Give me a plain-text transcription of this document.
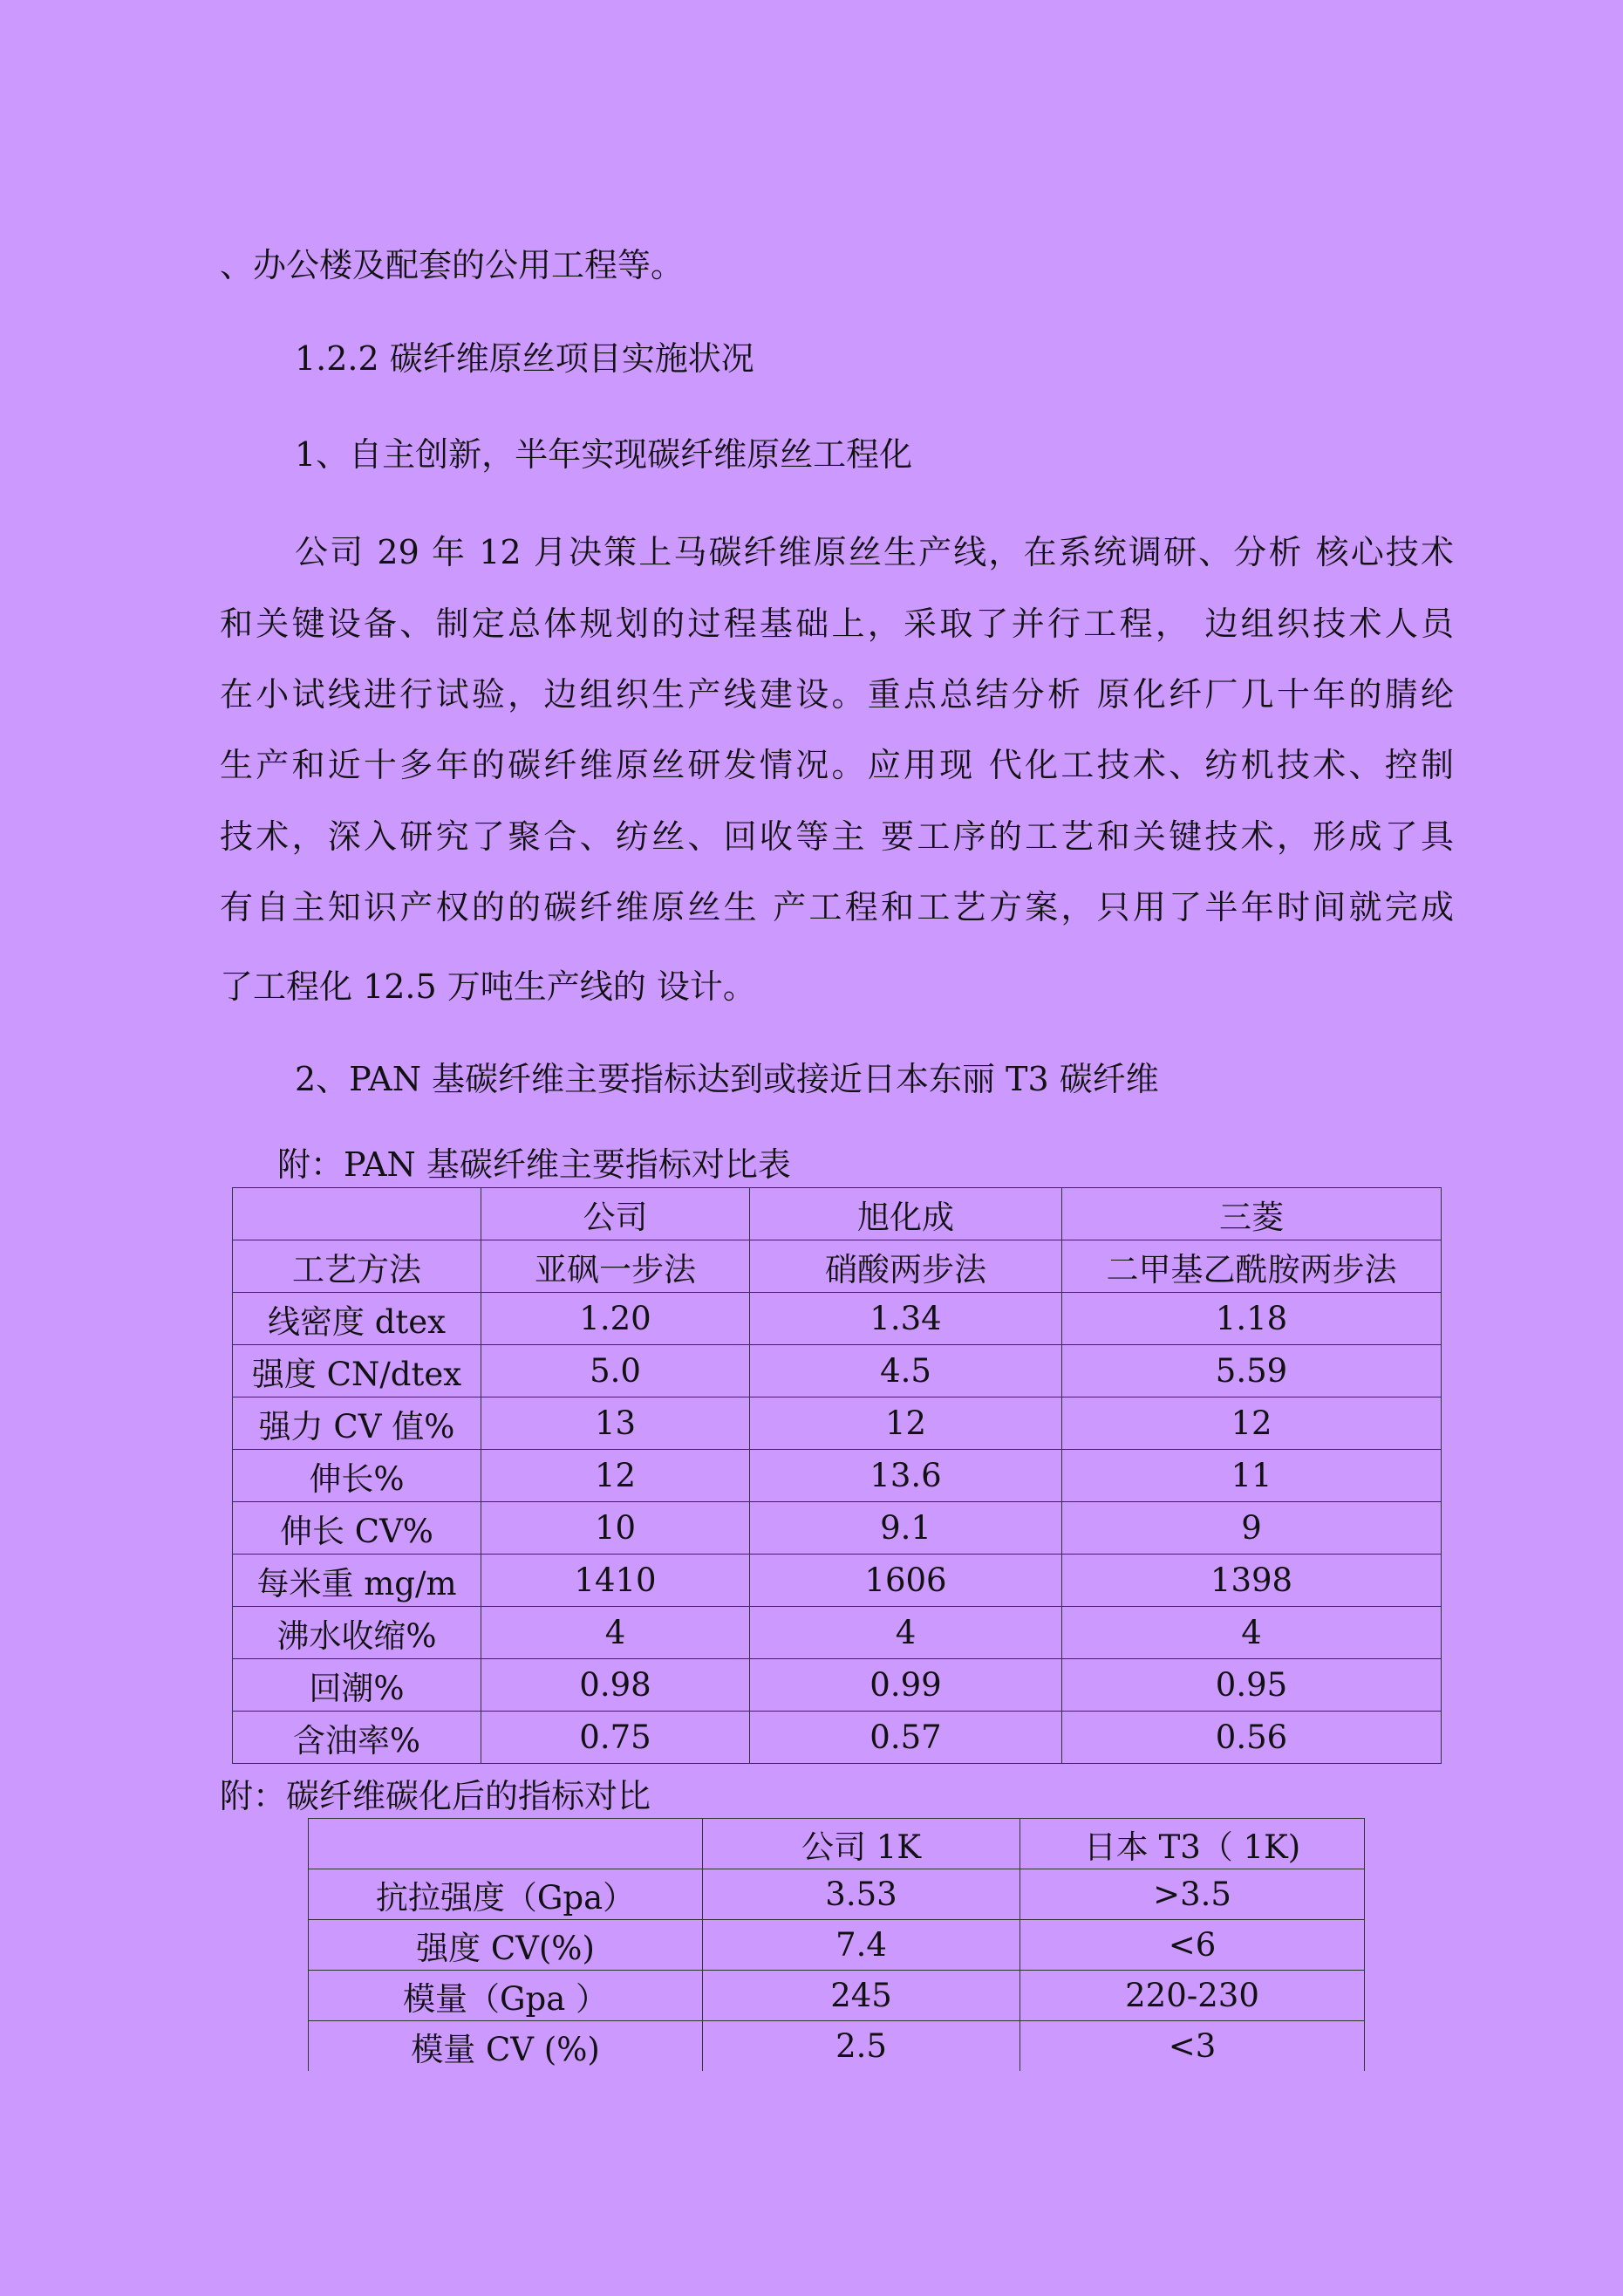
、办公楼及配套的公用工程等。
1.2.2 碳纤维原丝项目实施状况
1、自主创新，半年实现碳纤维原丝工程化
公司 29 年 12 月决策上马碳纤维原丝生产线，在系统调研、分析 核心技术
和关键设备、制定总体规划的过程基础上，采取了并行工程， 边组织技术人员
在小试线进行试验，边组织生产线建设。重点总结分析 原化纤厂几十年的腈纶
生产和近十多年的碳纤维原丝研发情况。应用现 代化工技术、纺机技术、控制
技术，深入研究了聚合、纺丝、回收等主 要工序的工艺和关键技术，形成了具
有自主知识产权的的碳纤维原丝生 产工程和工艺方案，只用了半年时间就完成
了工程化 12.5 万吨生产线的 设计。
2、PAN 基碳纤维主要指标达到或接近日本东丽 T3 碳纤维
附：PAN 基碳纤维主要指标对比表
	公司	旭化成	三菱
工艺方法	亚砜一步法	硝酸两步法	二甲基乙酰胺两步法
线密度 dtex	1.20	1.34	1.18
强度 CN/dtex	5.0	4.5	5.59
强力 CV 值%	13	12	12
伸长%	12	13.6	11
伸长 CV%	10	9.1	9
每米重 mg/m	1410	1606	1398
沸水收缩%	4	4	4
回潮%	0.98	0.99	0.95
含油率%	0.75	0.57	0.56
附：碳纤维碳化后的指标对比
	公司 1K	日本 T3（ 1K)
抗拉强度（Gpa）	3.53	>3.5
强度 CV(%)	7.4	<6
模量（Gpa ）	245	220-230
模量 CV (%)	2.5	<3
